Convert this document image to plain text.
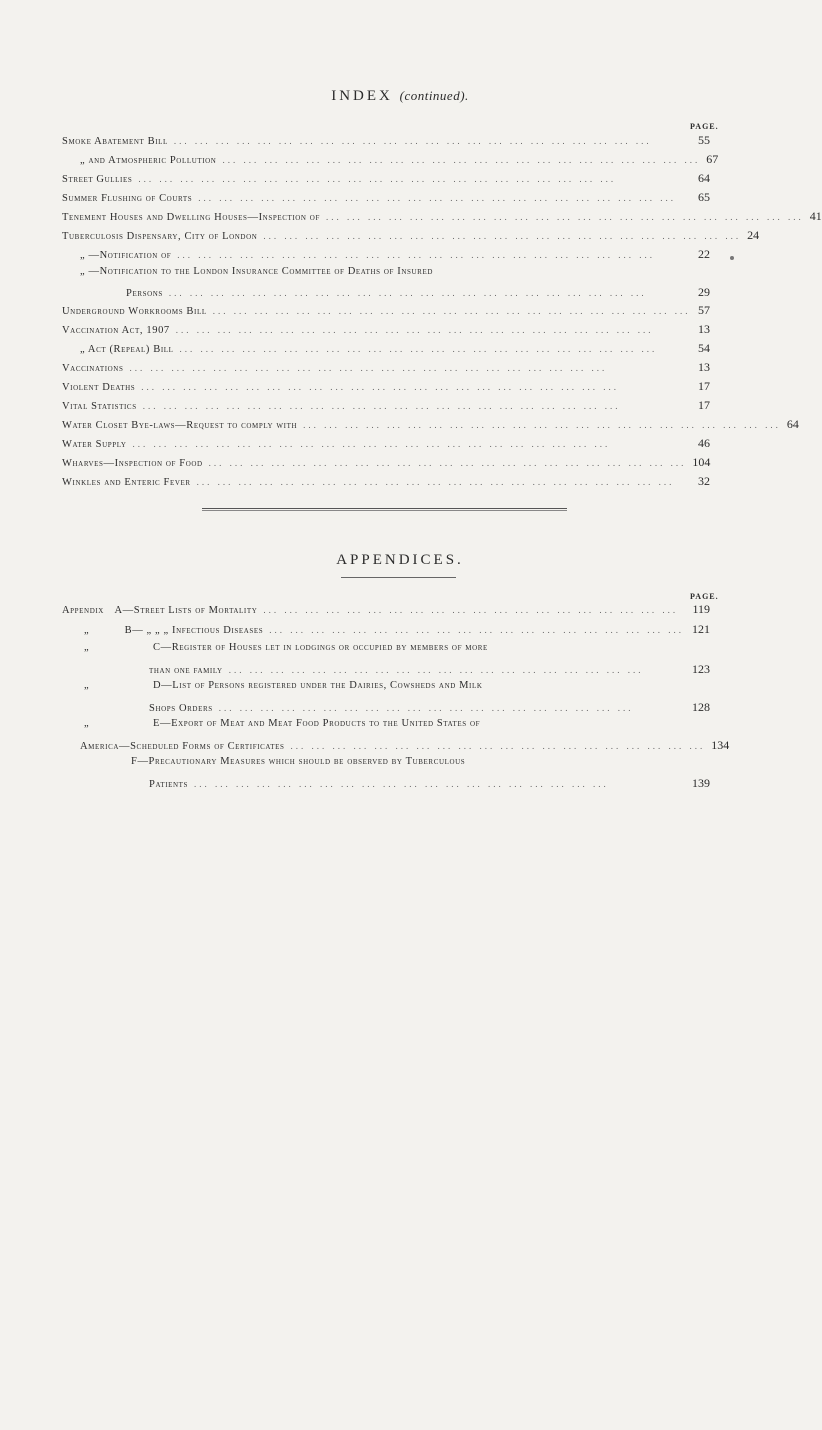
INDEX (continued).
PAGE.
Smoke Abatement Bill ... ... ... ... ... ... ... ... ... ... ... ... ... ... ... ... ... ... ... ... ... ... ...	55
„ and Atmospheric Pollution ... ... ... ... ... ... ... ... ... ... ... ... ... ... ... ... ... ... ... ... ... ... ... 67
Street Gullies ... ... ... ... ... ... ... ... ... ... ... ... ... ... ... ... ... ... ... ... ... ... ...	64
Summer Flushing of Courts ... ... ... ... ... ... ... ... ... ... ... ... ... ... ... ... ... ... ... ... ... ... ...	65
Tenement Houses and Dwelling Houses—Inspection of ... ... ... ... ... ... ... ... ... ... ... ... ... ... ... ... ... ... ... ... ... ... ... 41
Tuberculosis Dispensary, City of London ... ... ... ... ... ... ... ... ... ... ... ... ... ... ... ... ... ... ... ... ... ... ... 24
„ —Notification of ... ... ... ... ... ... ... ... ... ... ... ... ... ... ... ... ... ... ... ... ... ... ...	22
„ —Notification to the London Insurance Committee of Deaths of Insured
Persons ... ... ... ... ... ... ... ... ... ... ... ... ... ... ... ... ... ... ... ... ... ... ...	29
Underground Workrooms Bill ... ... ... ... ... ... ... ... ... ... ... ... ... ... ... ... ... ... ... ... ... ... ... 57
Vaccination Act, 1907 ... ... ... ... ... ... ... ... ... ... ... ... ... ... ... ... ... ... ... ... ... ... ...	13
„ Act (Repeal) Bill ... ... ... ... ... ... ... ... ... ... ... ... ... ... ... ... ... ... ... ... ... ... ...	54
Vaccinations ... ... ... ... ... ... ... ... ... ... ... ... ... ... ... ... ... ... ... ... ... ... ...	13
Violent Deaths ... ... ... ... ... ... ... ... ... ... ... ... ... ... ... ... ... ... ... ... ... ... ...	17
Vital Statistics ... ... ... ... ... ... ... ... ... ... ... ... ... ... ... ... ... ... ... ... ... ... ...	17
Water Closet Bye-laws—Request to comply with ... ... ... ... ... ... ... ... ... ... ... ... ... ... ... ... ... ... ... ... ... ... ... 64
Water Supply ... ... ... ... ... ... ... ... ... ... ... ... ... ... ... ... ... ... ... ... ... ... ...	46
Wharves—Inspection of Food ... ... ... ... ... ... ... ... ... ... ... ... ... ... ... ... ... ... ... ... ... ... ... 104
Winkles and Enteric Fever ... ... ... ... ... ... ... ... ... ... ... ... ... ... ... ... ... ... ... ... ... ... ...	32
APPENDICES.
PAGE.
Appendix	A—Street Lists of Mortality ... ... ... ... ... ... ... ... ... ... ... ... ... ... ... ... ... ... ... ...	119
„	B— „ „ „ Infectious Diseases ... ... ... ... ... ... ... ... ... ... ... ... ... ... ... ... ... ... ... ... 121
„	C—Register of Houses let in lodgings or occupied by members of more
than one family ... ... ... ... ... ... ... ... ... ... ... ... ... ... ... ... ... ... ... ...	123
„	D—List of Persons registered under the Dairies, Cowsheds and Milk
Shops Orders ... ... ... ... ... ... ... ... ... ... ... ... ... ... ... ... ... ... ... ...	128
„	E—Export of Meat and Meat Food Products to the United States of
America—Scheduled Forms of Certificates ... ... ... ... ... ... ... ... ... ... ... ... ... ... ... ... ... ... ... ... 134
F—Precautionary Measures which should be observed by Tuberculous
Patients ... ... ... ... ... ... ... ... ... ... ... ... ... ... ... ... ... ... ... ...	139
